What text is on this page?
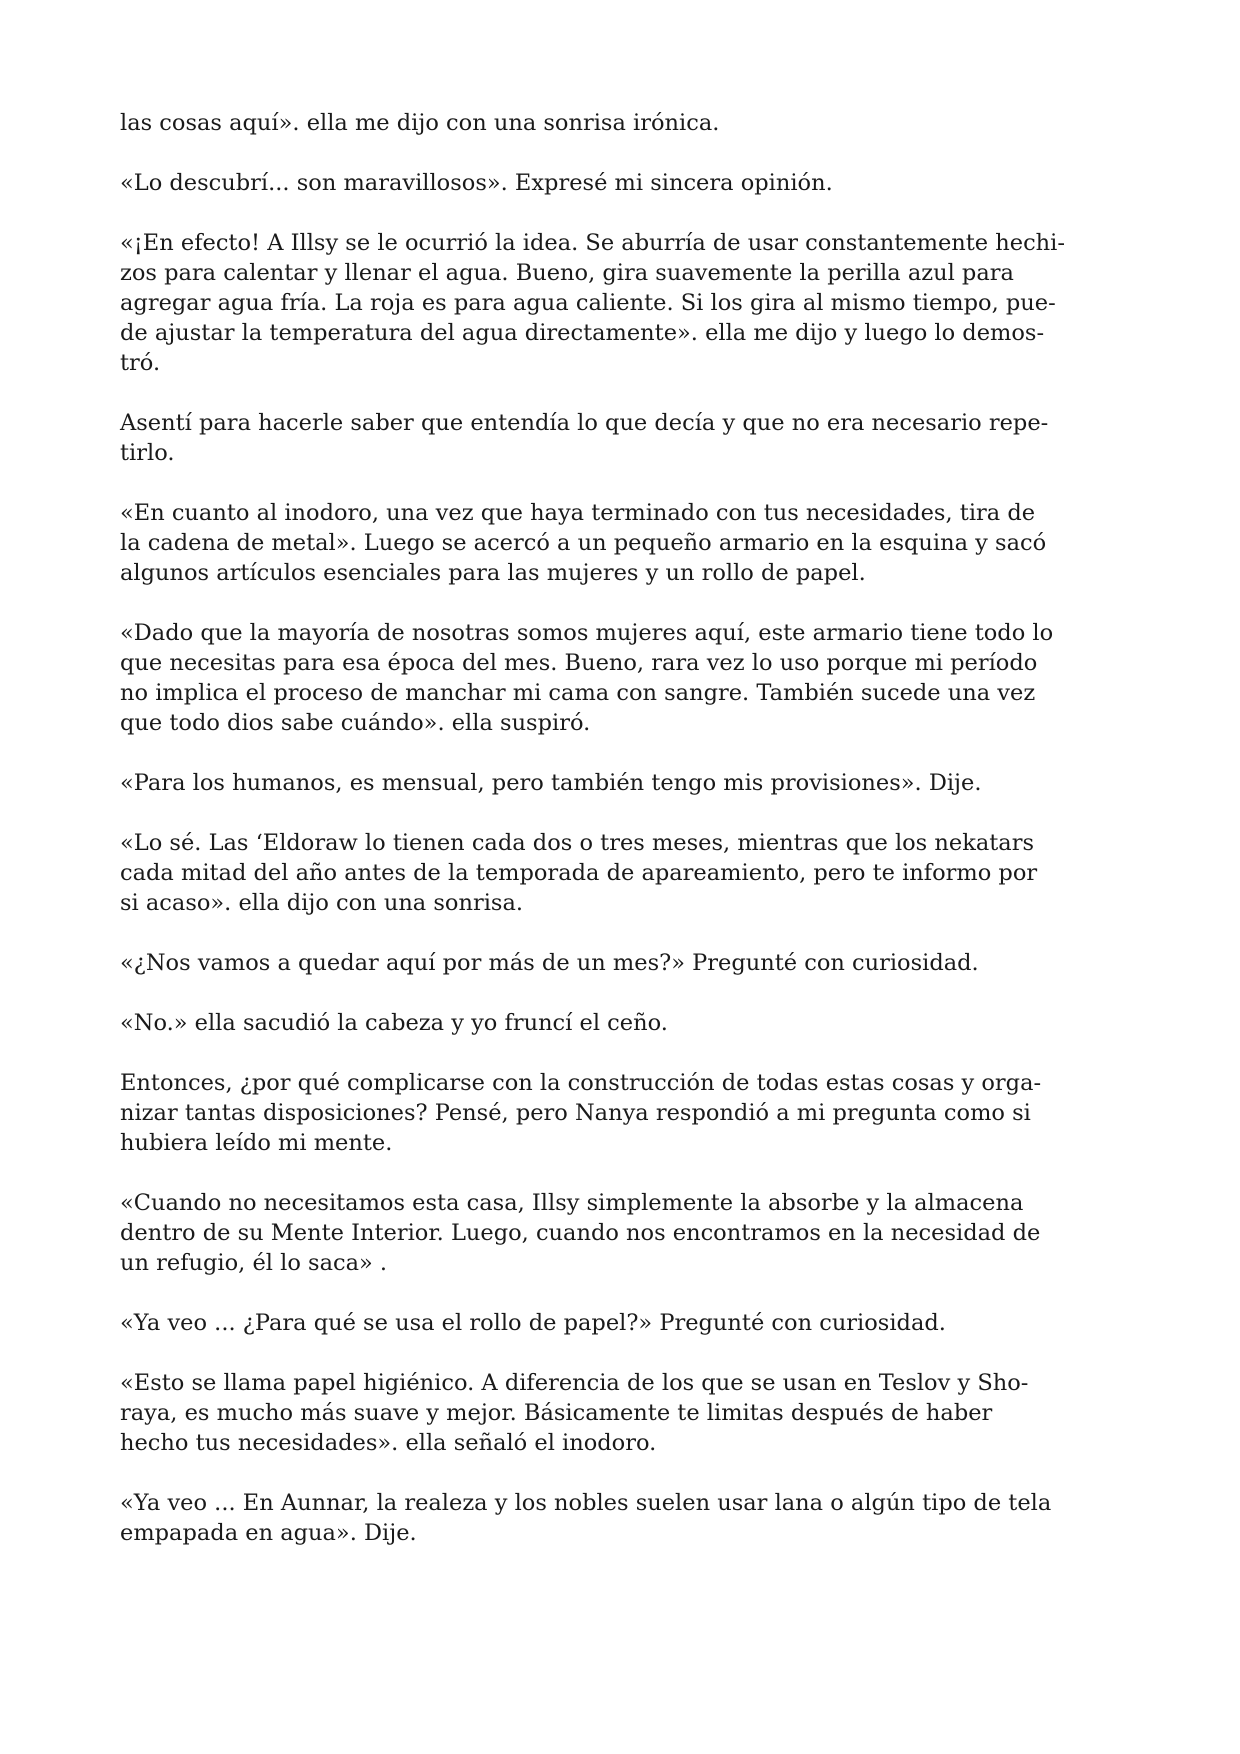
las cosas aquí». ella me dijo con una sonrisa irónica.

«Lo descubrí... son maravillosos». Expresé mi sincera opinión.

«¡En efecto! A Illsy se le ocurrió la idea. Se aburría de usar constantemente hechi-
zos para calentar y llenar el agua. Bueno, gira suavemente la perilla azul para
agregar agua fría. La roja es para agua caliente. Si los gira al mismo tiempo, pue-
de ajustar la temperatura del agua directamente». ella me dijo y luego lo demos-
tró.

Asentí para hacerle saber que entendía lo que decía y que no era necesario repe-
tirlo.

«En cuanto al inodoro, una vez que haya terminado con tus necesidades, tira de
la cadena de metal». Luego se acercó a un pequeño armario en la esquina y sacó
algunos artículos esenciales para las mujeres y un rollo de papel.

«Dado que la mayoría de nosotras somos mujeres aquí, este armario tiene todo lo
que necesitas para esa época del mes. Bueno, rara vez lo uso porque mi período
no implica el proceso de manchar mi cama con sangre. También sucede una vez
que todo dios sabe cuándo». ella suspiró.

«Para los humanos, es mensual, pero también tengo mis provisiones». Dije.

«Lo sé. Las ‘Eldoraw lo tienen cada dos o tres meses, mientras que los nekatars
cada mitad del año antes de la temporada de apareamiento, pero te informo por
si acaso». ella dijo con una sonrisa.

«¿Nos vamos a quedar aquí por más de un mes?» Pregunté con curiosidad.

«No.» ella sacudió la cabeza y yo fruncí el ceño.

Entonces, ¿por qué complicarse con la construcción de todas estas cosas y orga-
nizar tantas disposiciones? Pensé, pero Nanya respondió a mi pregunta como si
hubiera leído mi mente.

«Cuando no necesitamos esta casa, Illsy simplemente la absorbe y la almacena
dentro de su Mente Interior. Luego, cuando nos encontramos en la necesidad de
un refugio, él lo saca» .

«Ya veo ... ¿Para qué se usa el rollo de papel?» Pregunté con curiosidad.

«Esto se llama papel higiénico. A diferencia de los que se usan en Teslov y Sho-
raya, es mucho más suave y mejor. Básicamente te limitas después de haber
hecho tus necesidades». ella señaló el inodoro.

«Ya veo ... En Aunnar, la realeza y los nobles suelen usar lana o algún tipo de tela
empapada en agua». Dije.
